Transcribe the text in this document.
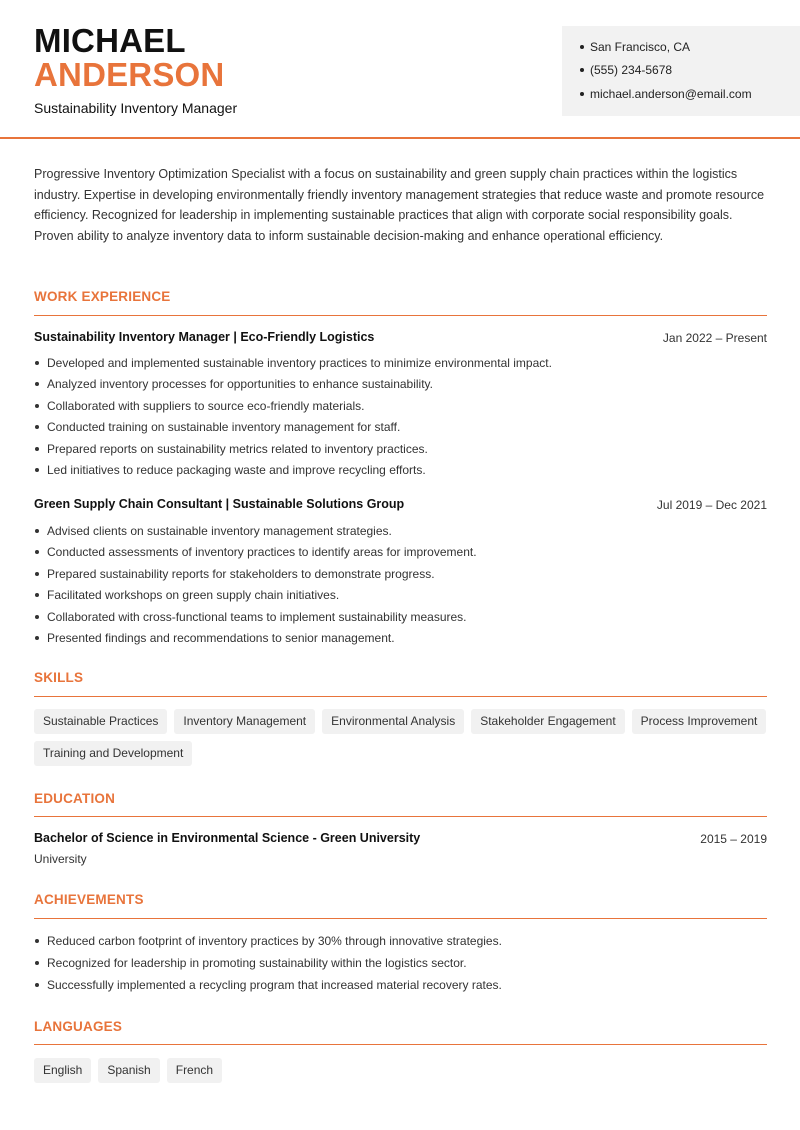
MICHAEL
ANDERSON
Sustainability Inventory Manager
San Francisco, CA
(555) 234-5678
michael.anderson@email.com
Progressive Inventory Optimization Specialist with a focus on sustainability and green supply chain practices within the logistics industry. Expertise in developing environmentally friendly inventory management strategies that reduce waste and promote resource efficiency. Recognized for leadership in implementing sustainable practices that align with corporate social responsibility goals. Proven ability to analyze inventory data to inform sustainable decision-making and enhance operational efficiency.
WORK EXPERIENCE
Sustainability Inventory Manager | Eco-Friendly Logistics	Jan 2022 – Present
Developed and implemented sustainable inventory practices to minimize environmental impact.
Analyzed inventory processes for opportunities to enhance sustainability.
Collaborated with suppliers to source eco-friendly materials.
Conducted training on sustainable inventory management for staff.
Prepared reports on sustainability metrics related to inventory practices.
Led initiatives to reduce packaging waste and improve recycling efforts.
Green Supply Chain Consultant | Sustainable Solutions Group	Jul 2019 – Dec 2021
Advised clients on sustainable inventory management strategies.
Conducted assessments of inventory practices to identify areas for improvement.
Prepared sustainability reports for stakeholders to demonstrate progress.
Facilitated workshops on green supply chain initiatives.
Collaborated with cross-functional teams to implement sustainability measures.
Presented findings and recommendations to senior management.
SKILLS
Sustainable Practices Inventory Management Environmental Analysis Stakeholder Engagement Process ImprovementTraining and Development
EDUCATION
Bachelor of Science in Environmental Science - Green University	2015 – 2019
University
ACHIEVEMENTS
Reduced carbon footprint of inventory practices by 30% through innovative strategies.
Recognized for leadership in promoting sustainability within the logistics sector.
Successfully implemented a recycling program that increased material recovery rates.
LANGUAGES
English Spanish French
